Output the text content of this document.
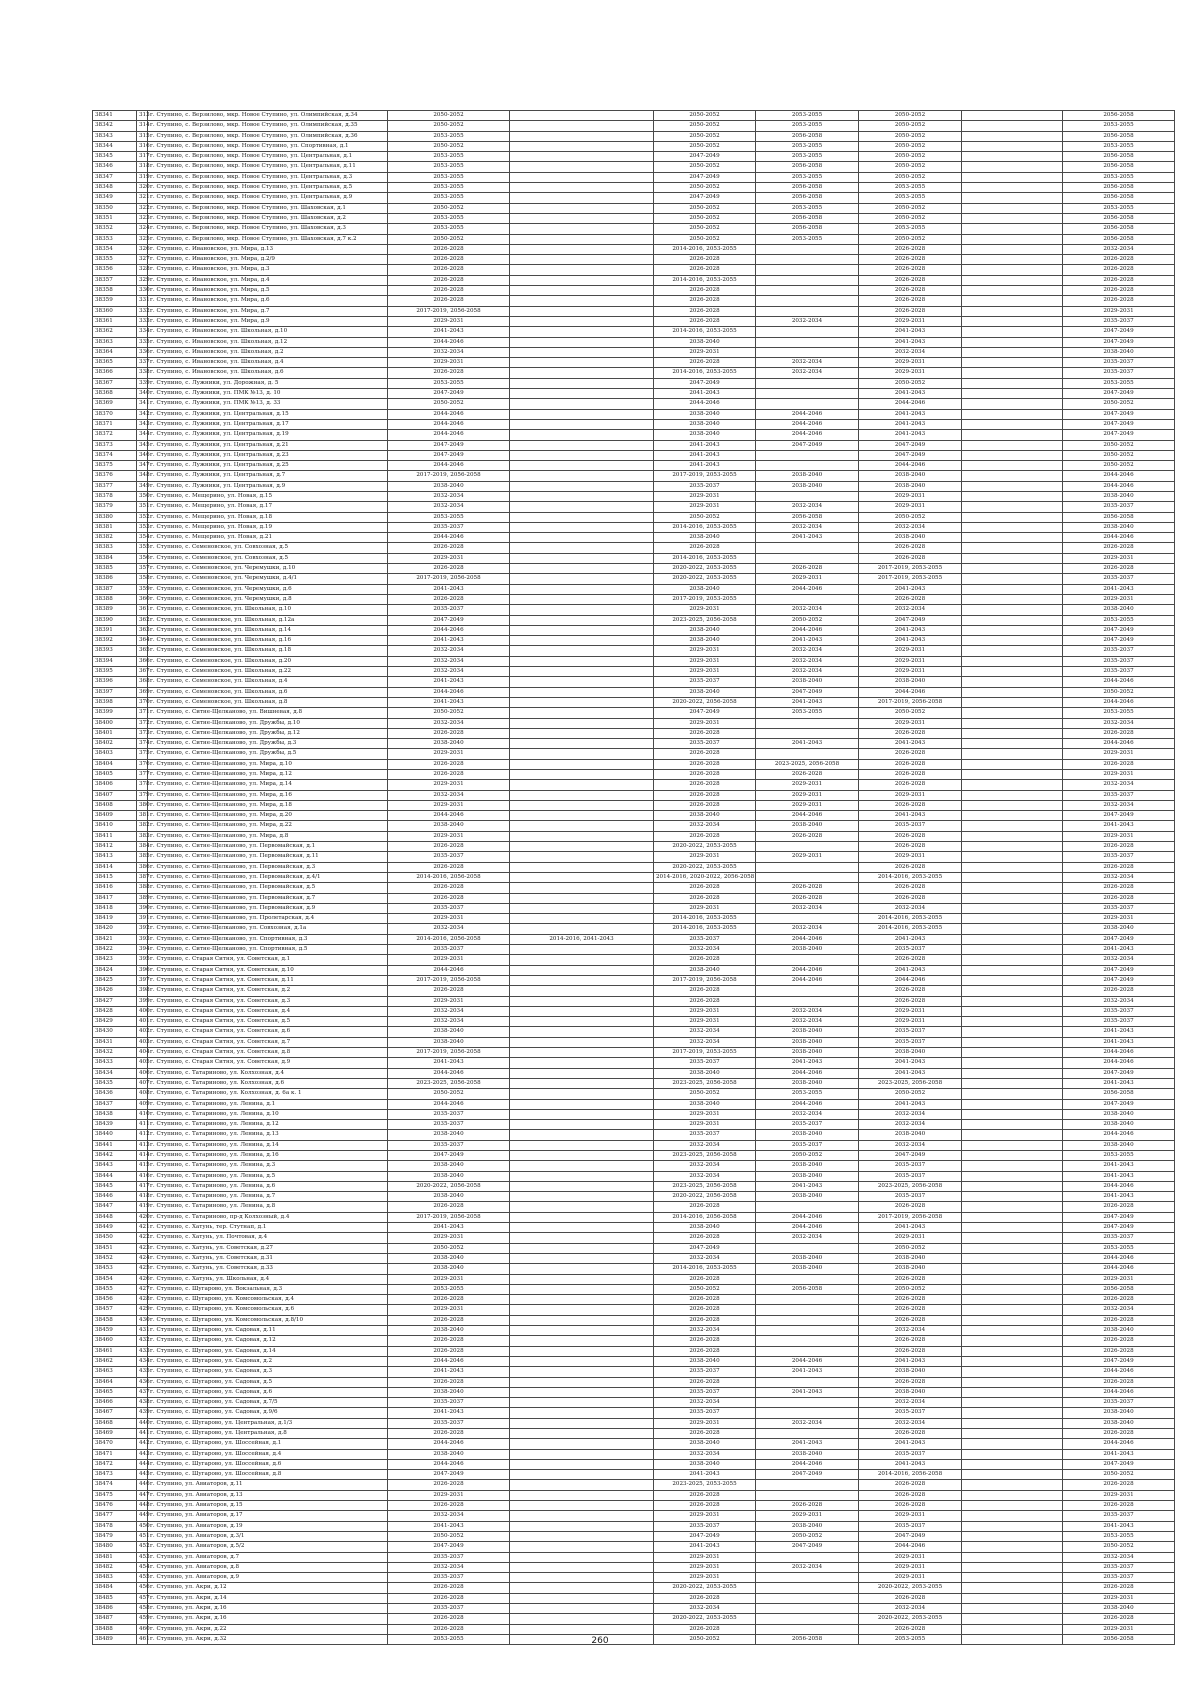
38341	313	г. Ступино, с. Верзилово, мкр. Новое Ступино, ул. Олимпийская, д.34	2050-2052		2050-2052	2053-2055	2050-2052		2056-2058
38342	314	г. Ступино, с. Верзилово, мкр. Новое Ступино, ул. Олимпийская, д.35	2050-2052		2050-2052	2053-2055	2050-2052		2053-2055
38343	315	г. Ступино, с. Верзилово, мкр. Новое Ступино, ул. Олимпийская, д.36	2053-2055		2050-2052	2056-2058	2050-2052		2056-2058
38344	316	г. Ступино, с. Верзилово, мкр. Новое Ступино, ул. Спортивная, д.1	2050-2052		2050-2052	2053-2055	2050-2052		2053-2055
38345	317	г. Ступино, с. Верзилово, мкр. Новое Ступино, ул. Центральная, д.1	2053-2055		2047-2049	2053-2055	2050-2052		2056-2058
38346	318	г. Ступино, с. Верзилово, мкр. Новое Ступино, ул. Центральная, д.11	2053-2055		2050-2052	2056-2058	2050-2052		2056-2058
38347	319	г. Ступино, с. Верзилово, мкр. Новое Ступино, ул. Центральная, д.3	2053-2055		2047-2049	2053-2055	2050-2052		2053-2055
38348	320	г. Ступино, с. Верзилово, мкр. Новое Ступино, ул. Центральная, д.5	2053-2055		2050-2052	2056-2058	2053-2055		2056-2058
38349	321	г. Ступино, с. Верзилово, мкр. Новое Ступино, ул. Центральная, д.9	2053-2055		2047-2049	2056-2058	2053-2055		2056-2058
38350	322	г. Ступино, с. Верзилово, мкр. Новое Ступино, ул. Шаховская, д.1	2050-2052		2050-2052	2053-2055	2050-2052		2053-2055
38351	323	г. Ступино, с. Верзилово, мкр. Новое Ступино, ул. Шаховская, д.2	2053-2055		2050-2052	2056-2058	2050-2052		2056-2058
38352	324	г. Ступино, с. Верзилово, мкр. Новое Ступино, ул. Шаховская, д.3	2053-2055		2050-2052	2056-2058	2053-2055		2056-2058
38353	325	г. Ступино, с. Верзилово, мкр. Новое Ступино, ул. Шаховская, д.7 к.2	2050-2052		2050-2052	2053-2055	2050-2052		2056-2058
38354	326	г. Ступино, с. Ивановское, ул. Мира, д.13	2026-2028		2014-2016, 2053-2055		2026-2028		2032-2034
38355	327	г. Ступино, с. Ивановское, ул. Мира, д.2/9	2026-2028		2026-2028		2026-2028		2026-2028
38356	328	г. Ступино, с. Ивановское, ул. Мира, д.3	2026-2028		2026-2028		2026-2028		2026-2028
38357	329	г. Ступино, с. Ивановское, ул. Мира, д.4	2026-2028		2014-2016, 2053-2055		2026-2028		2026-2028
38358	330	г. Ступино, с. Ивановское, ул. Мира, д.5	2026-2028		2026-2028		2026-2028		2026-2028
38359	331	г. Ступино, с. Ивановское, ул. Мира, д.6	2026-2028		2026-2028		2026-2028		2026-2028
38360	332	г. Ступино, с. Ивановское, ул. Мира, д.7	2017-2019, 2056-2058		2026-2028		2026-2028		2029-2031
38361	333	г. Ступино, с. Ивановское, ул. Мира, д.9	2029-2031		2026-2028	2032-2034	2029-2031		2035-2037
38362	334	г. Ступино, с. Ивановское, ул. Школьная, д.10	2041-2043		2014-2016, 2053-2055		2041-2043		2047-2049
38363	335	г. Ступино, с. Ивановское, ул. Школьная, д.12	2044-2046		2038-2040		2041-2043		2047-2049
38364	336	г. Ступино, с. Ивановское, ул. Школьная, д.2	2032-2034		2029-2031		2032-2034		2038-2040
38365	337	г. Ступино, с. Ивановское, ул. Школьная, д.4	2029-2031		2026-2028	2032-2034	2029-2031		2035-2037
38366	338	г. Ступино, с. Ивановское, ул. Школьная, д.6	2026-2028		2014-2016, 2053-2055	2032-2034	2029-2031		2035-2037
38367	339	г. Ступино, с. Лужники, ул. Дорожная, д. 5	2053-2055		2047-2049		2050-2052		2053-2055
38368	340	г. Ступино, с. Лужники, ул. ПМК №13, д. 10	2047-2049		2041-2043		2041-2043		2047-2049
38369	341	г. Ступино, с. Лужники, ул. ПМК №13, д. 33	2050-2052		2044-2046		2044-2046		2050-2052
38370	342	г. Ступино, с. Лужники, ул. Центральная, д.15	2044-2046		2038-2040	2044-2046	2041-2043		2047-2049
38371	343	г. Ступино, с. Лужники, ул. Центральная, д.17	2044-2046		2038-2040	2044-2046	2041-2043		2047-2049
38372	344	г. Ступино, с. Лужники, ул. Центральная, д.19	2044-2046		2038-2040	2044-2046	2041-2043		2047-2049
38373	345	г. Ступино, с. Лужники, ул. Центральная, д.21	2047-2049		2041-2043	2047-2049	2047-2049		2050-2052
38374	346	г. Ступино, с. Лужники, ул. Центральная, д.23	2047-2049		2041-2043		2047-2049		2050-2052
38375	347	г. Ступино, с. Лужники, ул. Центральная, д.25	2044-2046		2041-2043		2044-2046		2050-2052
38376	348	г. Ступино, с. Лужники, ул. Центральная, д.7	2017-2019, 2056-2058		2017-2019, 2053-2055	2038-2040	2038-2040		2044-2046
38377	349	г. Ступино, с. Лужники, ул. Центральная, д.9	2038-2040		2035-2037	2038-2040	2038-2040		2044-2046
38378	350	г. Ступино, с. Мещерино, ул. Новая, д.15	2032-2034		2029-2031		2029-2031		2038-2040
38379	351	г. Ступино, с. Мещерино, ул. Новая, д.17	2032-2034		2029-2031	2032-2034	2029-2031		2035-2037
38380	352	г. Ступино, с. Мещерино, ул. Новая, д.18	2053-2055		2050-2052	2056-2058	2050-2052		2056-2058
38381	353	г. Ступино, с. Мещерино, ул. Новая, д.19	2035-2037		2014-2016, 2053-2055	2032-2034	2032-2034		2038-2040
38382	354	г. Ступино, с. Мещерино, ул. Новая, д.21	2044-2046		2038-2040	2041-2043	2038-2040		2044-2046
38383	355	г. Ступино, с. Семеновское, ул. Совхозная, д.5	2026-2028		2026-2028		2026-2028		2026-2028
38384	356	г. Ступино, с. Семеновское, ул. Совхозная, д.5	2029-2031		2014-2016, 2053-2055		2026-2028		2029-2031
38385	357	г. Ступино, с. Семеновское, ул. Черемушки, д.10	2026-2028		2020-2022, 2053-2055	2026-2028	2017-2019, 2053-2055		2026-2028
38386	358	г. Ступино, с. Семеновское, ул. Черемушки, д.4/1	2017-2019, 2056-2058		2020-2022, 2053-2055	2029-2031	2017-2019, 2053-2055		2035-2037
38387	359	г. Ступино, с. Семеновское, ул. Черемушки, д.6	2041-2043		2038-2040	2044-2046	2041-2043		2041-2043
38388	360	г. Ступино, с. Семеновское, ул. Черемушки, д.8	2026-2028		2017-2019, 2053-2055		2026-2028		2029-2031
38389	361	г. Ступино, с. Семеновское, ул. Школьная, д.10	2035-2037		2029-2031	2032-2034	2032-2034		2038-2040
38390	362	г. Ступино, с. Семеновское, ул. Школьная, д.12а	2047-2049		2023-2025, 2056-2058	2050-2052	2047-2049		2053-2055
38391	363	г. Ступино, с. Семеновское, ул. Школьная, д.14	2044-2046		2038-2040	2044-2046	2041-2043		2047-2049
38392	364	г. Ступино, с. Семеновское, ул. Школьная, д.16	2041-2043		2038-2040	2041-2043	2041-2043		2047-2049
38393	365	г. Ступино, с. Семеновское, ул. Школьная, д.18	2032-2034		2029-2031	2032-2034	2029-2031		2035-2037
38394	366	г. Ступино, с. Семеновское, ул. Школьная, д.20	2032-2034		2029-2031	2032-2034	2029-2031		2035-2037
38395	367	г. Ступино, с. Семеновское, ул. Школьная, д.22	2032-2034		2029-2031	2032-2034	2029-2031		2035-2037
38396	368	г. Ступино, с. Семеновское, ул. Школьная, д.4	2041-2043		2035-2037	2038-2040	2038-2040		2044-2046
38397	369	г. Ступино, с. Семеновское, ул. Школьная, д.6	2044-2046		2038-2040	2047-2049	2044-2046		2050-2052
38398	370	г. Ступино, с. Семеновское, ул. Школьная, д.8	2041-2043		2020-2022, 2056-2058	2041-2043	2017-2019, 2056-2058		2044-2046
38399	371	г. Ступино, с. Ситне-Щелканово, ул. Вишневая, д.8	2050-2052		2047-2049	2053-2055	2050-2052		2053-2055
38400	372	г. Ступино, с. Ситне-Щелканово, ул. Дружбы, д.10	2032-2034		2029-2031		2029-2031		2032-2034
38401	373	г. Ступино, с. Ситне-Щелканово, ул. Дружбы, д.12	2026-2028		2026-2028		2026-2028		2026-2028
38402	374	г. Ступино, с. Ситне-Щелканово, ул. Дружбы, д.3	2038-2040		2035-2037	2041-2043	2041-2043		2044-2046
38403	375	г. Ступино, с. Ситне-Щелканово, ул. Дружбы, д.5	2029-2031		2026-2028		2026-2028		2029-2031
38404	376	г. Ступино, с. Ситне-Щелканово, ул. Мира, д.10	2026-2028		2026-2028	2023-2025, 2056-2058	2026-2028		2026-2028
38405	377	г. Ступино, с. Ситне-Щелканово, ул. Мира, д.12	2026-2028		2026-2028	2026-2028	2026-2028		2029-2031
38406	378	г. Ступино, с. Ситне-Щелканово, ул. Мира, д.14	2029-2031		2026-2028	2029-2031	2026-2028		2032-2034
38407	379	г. Ступино, с. Ситне-Щелканово, ул. Мира, д.16	2032-2034		2026-2028	2029-2031	2029-2031		2035-2037
38408	380	г. Ступино, с. Ситне-Щелканово, ул. Мира, д.18	2029-2031		2026-2028	2029-2031	2026-2028		2032-2034
38409	381	г. Ступино, с. Ситне-Щелканово, ул. Мира, д.20	2044-2046		2038-2040	2044-2046	2041-2043		2047-2049
38410	382	г. Ступино, с. Ситне-Щелканово, ул. Мира, д.22	2038-2040		2032-2034	2038-2040	2035-2037		2041-2043
38411	383	г. Ступино, с. Ситне-Щелканово, ул. Мира, д.8	2029-2031		2026-2028	2026-2028	2026-2028		2029-2031
38412	384	г. Ступино, с. Ситне-Щелканово, ул. Первомайская, д.1	2026-2028		2020-2022, 2053-2055		2026-2028		2026-2028
38413	385	г. Ступино, с. Ситне-Щелканово, ул. Первомайская, д.11	2035-2037		2029-2031	2029-2031	2029-2031		2035-2037
38414	386	г. Ступино, с. Ситне-Щелканово, ул. Первомайская, д.3	2026-2028		2020-2022, 2053-2055		2026-2028		2026-2028
38415	387	г. Ступино, с. Ситне-Щелканово, ул. Первомайская, д.4/1	2014-2016, 2056-2058		2014-2016, 2020-2022, 2056-2058		2014-2016, 2053-2055		2032-2034
38416	388	г. Ступино, с. Ситне-Щелканово, ул. Первомайская, д.5	2026-2028		2026-2028	2026-2028	2026-2028		2026-2028
38417	389	г. Ступино, с. Ситне-Щелканово, ул. Первомайская, д.7	2026-2028		2026-2028	2026-2028	2026-2028		2026-2028
38418	390	г. Ступино, с. Ситне-Щелканово, ул. Первомайская, д.9	2035-2037		2029-2031	2032-2034	2032-2034		2035-2037
38419	391	г. Ступино, с. Ситне-Щелканово, ул. Пролетарская, д.4	2029-2031		2014-2016, 2053-2055		2014-2016, 2053-2055		2029-2031
38420	392	г. Ступино, с. Ситне-Щелканово, ул. Совхозная, д.1а	2032-2034		2014-2016, 2053-2055	2032-2034	2014-2016, 2053-2055		2038-2040
38421	393	г. Ступино, с. Ситне-Щелканово, ул. Спортивная, д.3	2014-2016, 2056-2058	2014-2016, 2041-2043	2035-2037	2044-2046	2041-2043		2047-2049
38422	394	г. Ступино, с. Ситне-Щелканово, ул. Спортивная, д.5	2035-2037		2032-2034	2038-2040	2035-2037		2041-2043
38423	395	г. Ступино, с. Старая Ситня, ул. Советская, д.1	2029-2031		2026-2028		2026-2028		2032-2034
38424	396	г. Ступино, с. Старая Ситня, ул. Советская, д.10	2044-2046		2038-2040	2044-2046	2041-2043		2047-2049
38425	397	г. Ступино, с. Старая Ситня, ул. Советская, д.11	2017-2019, 2056-2058		2017-2019, 2056-2058	2044-2046	2044-2046		2047-2049
38426	398	г. Ступино, с. Старая Ситня, ул. Советская, д.2	2026-2028		2026-2028		2026-2028		2026-2028
38427	399	г. Ступино, с. Старая Ситня, ул. Советская, д.3	2029-2031		2026-2028		2026-2028		2032-2034
38428	400	г. Ступино, с. Старая Ситня, ул. Советская, д.4	2032-2034		2029-2031	2032-2034	2029-2031		2035-2037
38429	401	г. Ступино, с. Старая Ситня, ул. Советская, д.5	2032-2034		2029-2031	2032-2034	2029-2031		2035-2037
38430	402	г. Ступино, с. Старая Ситня, ул. Советская, д.6	2038-2040		2032-2034	2038-2040	2035-2037		2041-2043
38431	403	г. Ступино, с. Старая Ситня, ул. Советская, д.7	2038-2040		2032-2034	2038-2040	2035-2037		2041-2043
38432	404	г. Ступино, с. Старая Ситня, ул. Советская, д.8	2017-2019, 2056-2058		2017-2019, 2053-2055	2038-2040	2038-2040		2044-2046
38433	405	г. Ступино, с. Старая Ситня, ул. Советская, д.9	2041-2043		2035-2037	2041-2043	2041-2043		2044-2046
38434	406	г. Ступино, с. Татариново, ул. Колхозная, д.4	2044-2046		2038-2040	2044-2046	2041-2043		2047-2049
38435	407	г. Ступино, с. Татариново, ул. Колхозная, д.6	2023-2025, 2056-2058		2023-2025, 2056-2058	2038-2040	2023-2025, 2056-2058		2041-2043
38436	408	г. Ступино, с. Татариново, ул. Колхозная, д. 6а к. 1	2050-2052		2050-2052	2053-2055	2050-2052		2056-2058
38437	409	г. Ступино, с. Татариново, ул. Ленина, д.1	2044-2046		2038-2040	2044-2046	2041-2043		2047-2049
38438	410	г. Ступино, с. Татариново, ул. Ленина, д.10	2035-2037		2029-2031	2032-2034	2032-2034		2038-2040
38439	411	г. Ступино, с. Татариново, ул. Ленина, д.12	2035-2037		2029-2031	2035-2037	2032-2034		2038-2040
38440	412	г. Ступино, с. Татариново, ул. Ленина, д.13	2038-2040		2035-2037	2038-2040	2038-2040		2044-2046
38441	413	г. Ступино, с. Татариново, ул. Ленина, д.14	2035-2037		2032-2034	2035-2037	2032-2034		2038-2040
38442	414	г. Ступино, с. Татариново, ул. Ленина, д.16	2047-2049		2023-2025, 2056-2058	2050-2052	2047-2049		2053-2055
38443	415	г. Ступино, с. Татариново, ул. Ленина, д.3	2038-2040		2032-2034	2038-2040	2035-2037		2041-2043
38444	416	г. Ступино, с. Татариново, ул. Ленина, д.5	2038-2040		2032-2034	2038-2040	2035-2037		2041-2043
38445	417	г. Ступино, с. Татариново, ул. Ленина, д.6	2020-2022, 2056-2058		2023-2025, 2056-2058	2041-2043	2023-2025, 2056-2058		2044-2046
38446	418	г. Ступино, с. Татариново, ул. Ленина, д.7	2038-2040		2020-2022, 2056-2058	2038-2040	2035-2037		2041-2043
38447	419	г. Ступино, с. Татариново, ул. Ленина, д.8	2026-2028		2026-2028		2026-2028		2026-2028
38448	420	г. Ступино, с. Татариново, пр-д Колхозный, д.4	2017-2019, 2056-2058		2014-2016, 2056-2058	2044-2046	2017-2019, 2056-2058		2047-2049
38449	421	г. Ступино, с. Хатунь, тер. Стутнап, д.1	2041-2043		2038-2040	2044-2046	2041-2043		2047-2049
38450	422	г. Ступино, с. Хатунь, ул. Почтовая, д.4	2029-2031		2026-2028	2032-2034	2029-2031		2035-2037
38451	423	г. Ступино, с. Хатунь, ул. Советская, д.27	2050-2052		2047-2049		2050-2052		2053-2055
38452	424	г. Ступино, с. Хатунь, ул. Советская, д.31	2038-2040		2032-2034	2038-2040	2038-2040		2044-2046
38453	425	г. Ступино, с. Хатунь, ул. Советская, д.33	2038-2040		2014-2016, 2053-2055	2038-2040	2038-2040		2044-2046
38454	426	г. Ступино, с. Хатунь, ул. Школьная, д.4	2029-2031		2026-2028		2026-2028		2029-2031
38455	427	г. Ступино, с. Шугарово, ул. Вокзальная, д.3	2053-2055		2050-2052	2056-2058	2050-2052		2056-2058
38456	428	г. Ступино, с. Шугарово, ул. Комсомольская, д.4	2026-2028		2026-2028		2026-2028		2026-2028
38457	429	г. Ступино, с. Шугарово, ул. Комсомольская, д.6	2029-2031		2026-2028		2026-2028		2032-2034
38458	430	г. Ступино, с. Шугарово, ул. Комсомольская, д.8/10	2026-2028		2026-2028		2026-2028		2026-2028
38459	431	г. Ступино, с. Шугарово, ул. Садовая, д.11	2038-2040		2032-2034		2032-2034		2038-2040
38460	432	г. Ступино, с. Шугарово, ул. Садовая, д.12	2026-2028		2026-2028		2026-2028		2026-2028
38461	433	г. Ступино, с. Шугарово, ул. Садовая, д.14	2026-2028		2026-2028		2026-2028		2026-2028
38462	434	г. Ступино, с. Шугарово, ул. Садовая, д.2	2044-2046		2038-2040	2044-2046	2041-2043		2047-2049
38463	435	г. Ступино, с. Шугарово, ул. Садовая, д.3	2041-2043		2035-2037	2041-2043	2038-2040		2044-2046
38464	436	г. Ступино, с. Шугарово, ул. Садовая, д.5	2026-2028		2026-2028		2026-2028		2026-2028
38465	437	г. Ступино, с. Шугарово, ул. Садовая, д.6	2038-2040		2035-2037	2041-2043	2038-2040		2044-2046
38466	438	г. Ступино, с. Шугарово, ул. Садовая, д.7/5	2035-2037		2032-2034		2032-2034		2035-2037
38467	439	г. Ступино, с. Шугарово, ул. Садовая, д.9/6	2041-2043		2035-2037		2035-2037		2038-2040
38468	440	г. Ступино, с. Шугарово, ул. Центральная, д.1/3	2035-2037		2029-2031	2032-2034	2032-2034		2038-2040
38469	441	г. Ступино, с. Шугарово, ул. Центральная, д.8	2026-2028		2026-2028		2026-2028		2026-2028
38470	442	г. Ступино, с. Шугарово, ул. Шоссейная, д.1	2044-2046		2038-2040	2041-2043	2041-2043		2044-2046
38471	443	г. Ступино, с. Шугарово, ул. Шоссейная, д.4	2038-2040		2032-2034	2038-2040	2035-2037		2041-2043
38472	444	г. Ступино, с. Шугарово, ул. Шоссейная, д.6	2044-2046		2038-2040	2044-2046	2041-2043		2047-2049
38473	445	г. Ступино, с. Шугарово, ул. Шоссейная, д.8	2047-2049		2041-2043	2047-2049	2014-2016, 2056-2058		2050-2052
38474	446	г. Ступино, ул. Авиаторов, д.11	2026-2028		2023-2025, 2053-2055		2026-2028		2026-2028
38475	447	г. Ступино, ул. Авиаторов, д.13	2029-2031		2026-2028		2026-2028		2029-2031
38476	448	г. Ступино, ул. Авиаторов, д.15	2026-2028		2026-2028	2026-2028	2026-2028		2026-2028
38477	449	г. Ступино, ул. Авиаторов, д.17	2032-2034		2029-2031	2029-2031	2029-2031		2035-2037
38478	450	г. Ступино, ул. Авиаторов, д.19	2041-2043		2035-2037	2038-2040	2035-2037		2041-2043
38479	451	г. Ступино, ул. Авиаторов, д.3/1	2050-2052		2047-2049	2050-2052	2047-2049		2053-2055
38480	452	г. Ступино, ул. Авиаторов, д.5/2	2047-2049		2041-2043	2047-2049	2044-2046		2050-2052
38481	453	г. Ступино, ул. Авиаторов, д.7	2035-2037		2029-2031		2029-2031		2032-2034
38482	454	г. Ступино, ул. Авиаторов, д.8	2032-2034		2029-2031	2032-2034	2029-2031		2035-2037
38483	455	г. Ступино, ул. Авиаторов, д.9	2035-2037		2029-2031		2029-2031		2035-2037
38484	456	г. Ступино, ул. Акри, д.12	2026-2028		2020-2022, 2053-2055		2020-2022, 2053-2055		2026-2028
38485	457	г. Ступино, ул. Акри, д.14	2026-2028		2026-2028		2026-2028		2029-2031
38486	458	г. Ступино, ул. Акри, д.16	2035-2037		2032-2034		2032-2034		2038-2040
38487	459	г. Ступино, ул. Акри, д.16	2026-2028		2020-2022, 2053-2055		2020-2022, 2053-2055		2026-2028
38488	460	г. Ступино, ул. Акри, д.22	2026-2028		2026-2028		2026-2028		2029-2031
38489	461	г. Ступино, ул. Акри, д.32	2053-2055		2050-2052	2056-2058	2053-2055		2056-2058
260
